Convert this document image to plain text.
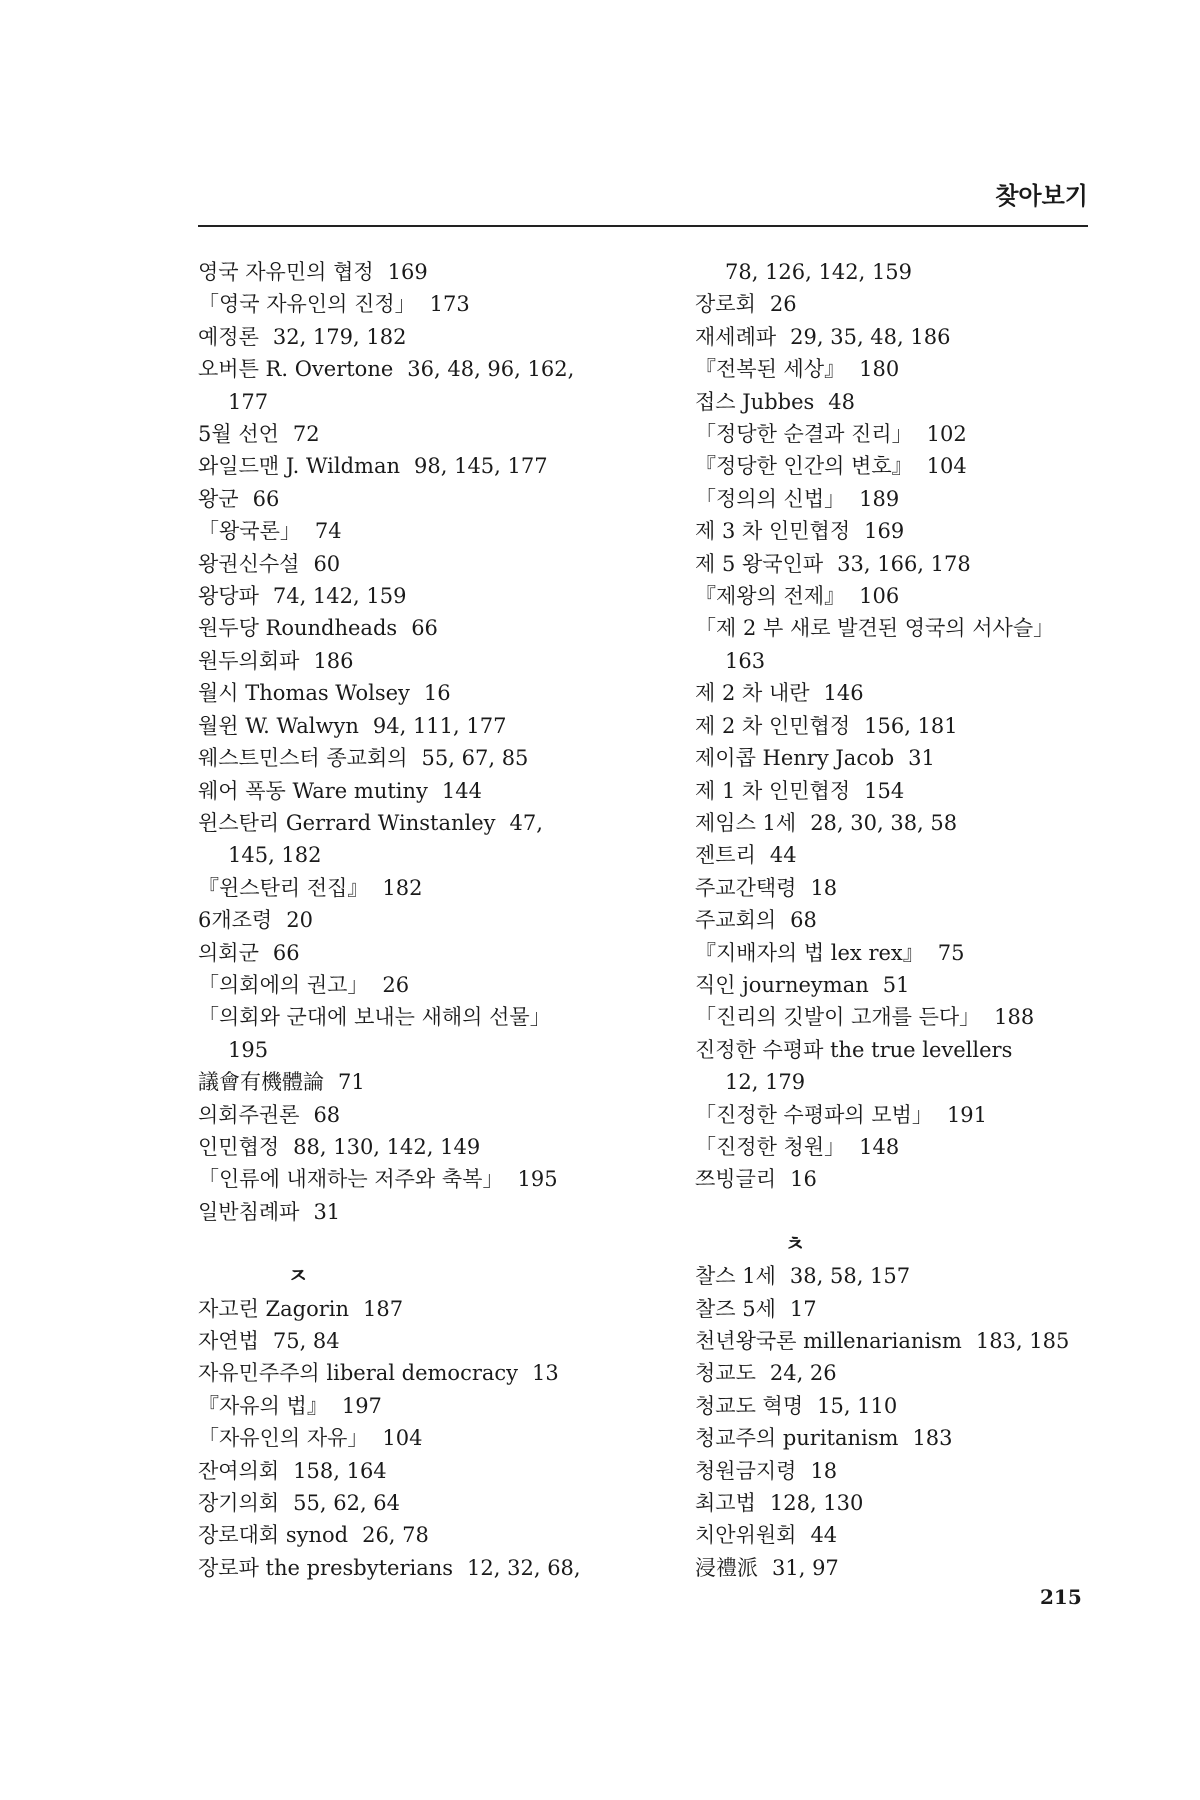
찾아보기
영국 자유민의 협정 169
「영국 자유인의 진정」 173
예정론 32, 179, 182
오버튼 R. Overtone 36, 48, 96, 162,
177
5월 선언 72
와일드맨 J. Wildman 98, 145, 177
왕군 66
「왕국론」 74
왕권신수설 60
왕당파 74, 142, 159
원두당 Roundheads 66
원두의회파 186
월시 Thomas Wolsey 16
월윈 W. Walwyn 94, 111, 177
웨스트민스터 종교회의 55, 67, 85
웨어 폭동 Ware mutiny 144
윈스탄리 Gerrard Winstanley 47,
145, 182
『윈스탄리 전집』 182
6개조령 20
의회군 66
「의회에의 권고」 26
「의회와 군대에 보내는 새해의 선물」
195
議會有機體論 71
의회주권론 68
인민협정 88, 130, 142, 149
「인류에 내재하는 저주와 축복」 195
일반침례파 31
ㅈ
자고린 Zagorin 187
자연법 75, 84
자유민주주의 liberal democracy 13
『자유의 법』 197
「자유인의 자유」 104
잔여의회 158, 164
장기의회 55, 62, 64
장로대회 synod 26, 78
장로파 the presbyterians 12, 32, 68,
78, 126, 142, 159
장로회 26
재세례파 29, 35, 48, 186
『전복된 세상』 180
접스 Jubbes 48
「정당한 순결과 진리」 102
『정당한 인간의 변호』 104
「정의의 신법」 189
제 3 차 인민협정 169
제 5 왕국인파 33, 166, 178
『제왕의 전제』 106
「제 2 부 새로 발견된 영국의 서사슬」
163
제 2 차 내란 146
제 2 차 인민협정 156, 181
제이콥 Henry Jacob 31
제 1 차 인민협정 154
제임스 1세 28, 30, 38, 58
젠트리 44
주교간택령 18
주교회의 68
『지배자의 법 lex rex』 75
직인 journeyman 51
「진리의 깃발이 고개를 든다」 188
진정한 수평파 the true levellers
12, 179
「진정한 수평파의 모범」 191
「진정한 청원」 148
쯔빙글리 16
ㅊ
찰스 1세 38, 58, 157
찰즈 5세 17
천년왕국론 millenarianism 183, 185
청교도 24, 26
청교도 혁명 15, 110
청교주의 puritanism 183
청원금지령 18
최고법 128, 130
치안위원회 44
浸禮派 31, 97
215
